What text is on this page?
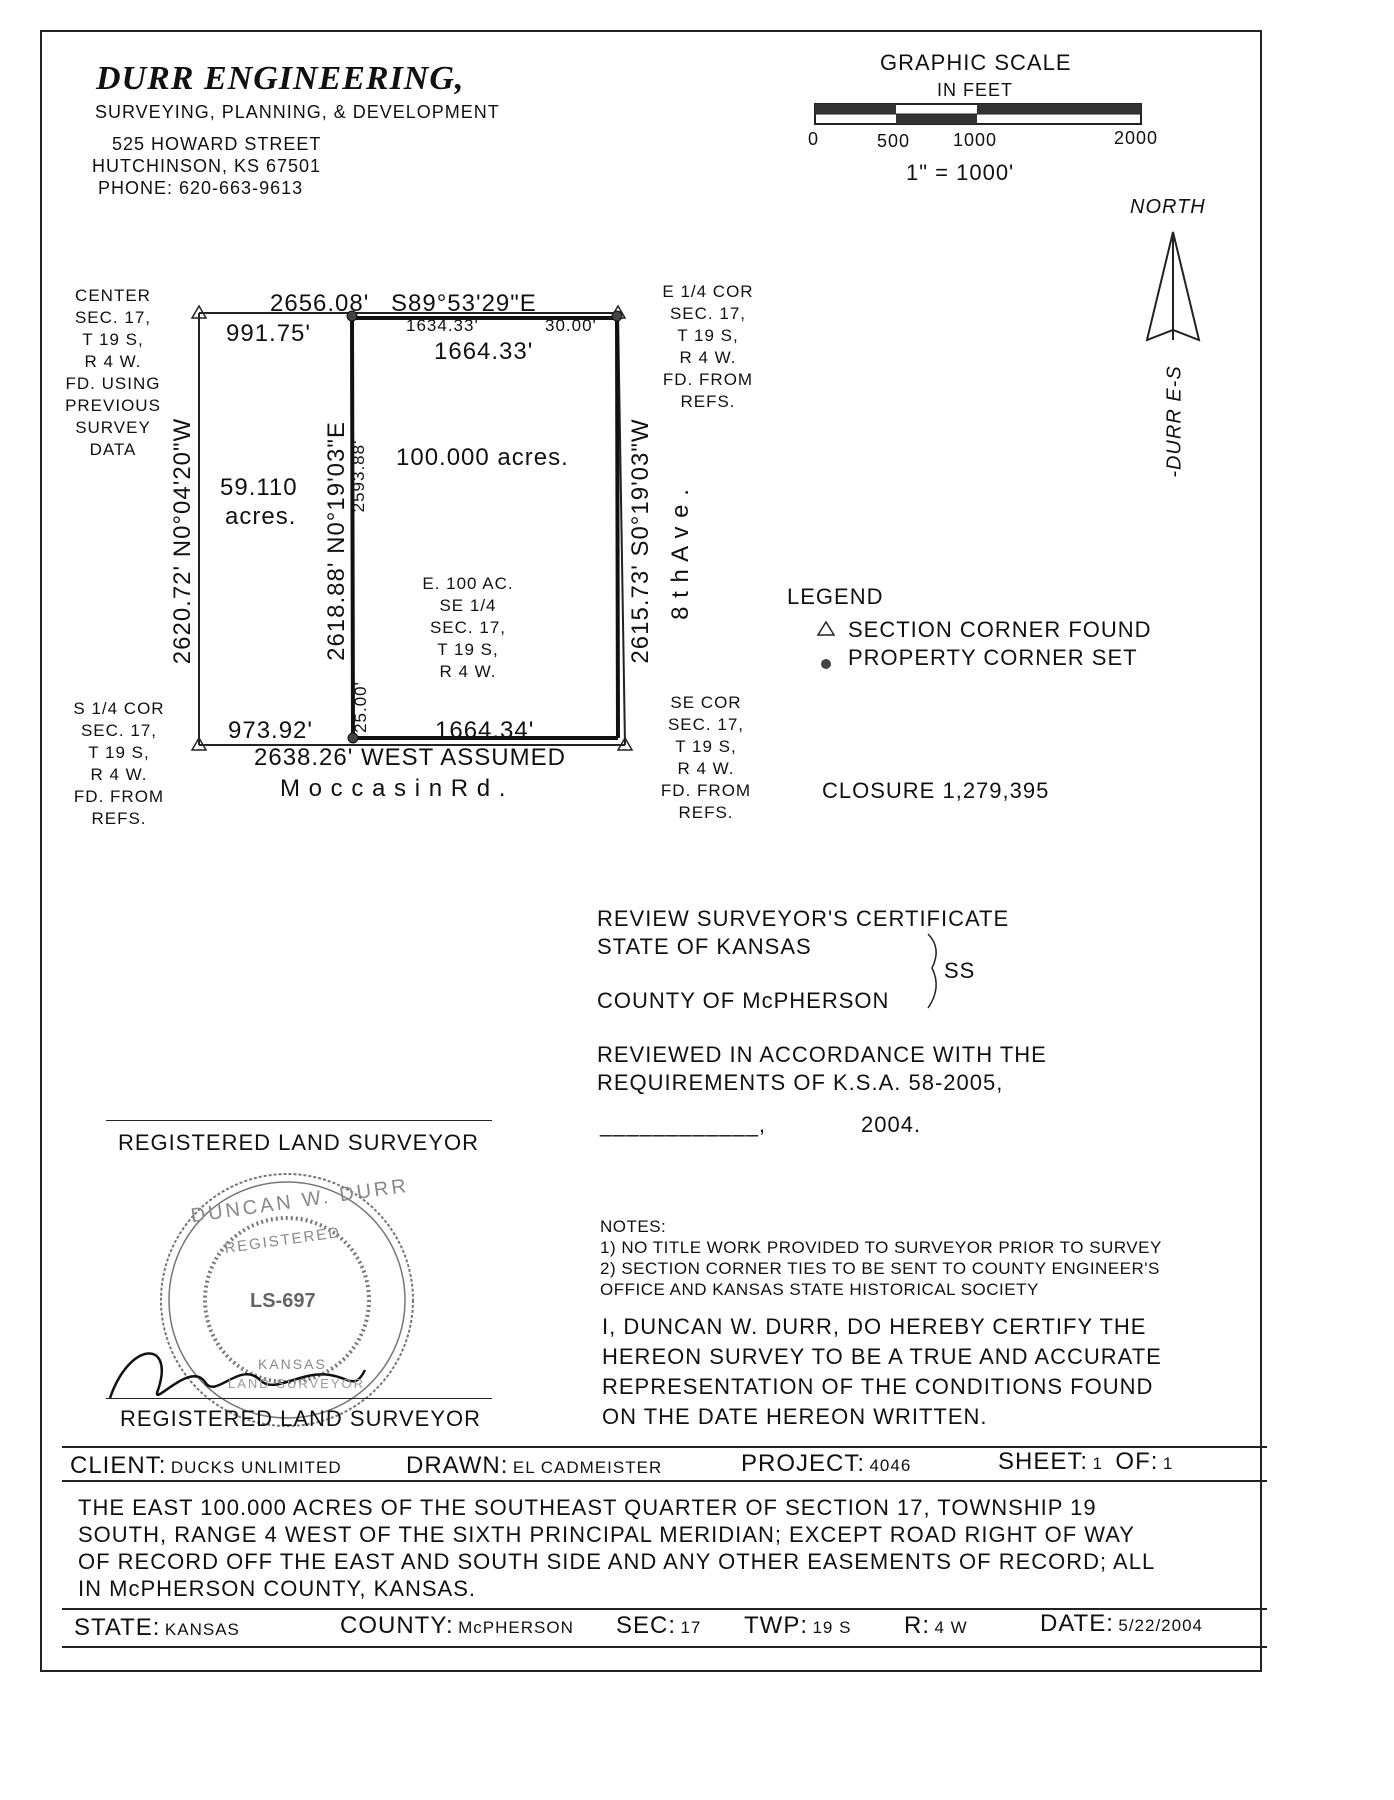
DURR ENGINEERING,
SURVEYING, PLANNING, & DEVELOPMENT
525 HOWARD STREET
HUTCHINSON, KS 67501
PHONE: 620-663-9613
GRAPHIC SCALE
IN FEET
0	500 1000	2000
1" = 1000'
NORTH
-DURR E-S
CENTER
SEC. 17,
T 19 S,
R 4 W.
FD. USING
PREVIOUS
SURVEY
DATA
E 1/4 COR
SEC. 17,
T 19 S,
R 4 W.
FD. FROM
REFS.
S 1/4 COR
SEC. 17,
T 19 S,
R 4 W.
FD. FROM
REFS.
SE COR
SEC. 17,
T 19 S,
R 4 W.
FD. FROM
REFS.
2656.08' S89°53'29"E
991.75'	1634.33'	30.00'
1664.33'
2620.72' N0°04'20"W	2618.88' N0°19'03"E 2593.88'	2615.73' S0°19'03"W
59.110
acres.
100.000 acres.
E. 100 AC.
SE 1/4
SEC. 17,
T 19 S,
R 4 W.
8 t h A v e .
25.00'
973.92'	1664.34'
2638.26' WEST ASSUMED
M o c c a s i n R d .
LEGEND
SECTION CORNER FOUND
PROPERTY CORNER SET
CLOSURE 1,279,395
REVIEW SURVEYOR'S CERTIFICATE
STATE OF KANSAS
SS
COUNTY OF McPHERSON
REVIEWED IN ACCORDANCE WITH THE
REQUIREMENTS OF K.S.A. 58-2005,
____________,	2004.
REGISTERED LAND SURVEYOR
DUNCAN W. DURR
REGISTERED
LS-697
KANSAS
LAND SURVEYOR
REGISTERED LAND SURVEYOR
NOTES:
1) NO TITLE WORK PROVIDED TO SURVEYOR PRIOR TO SURVEY
2) SECTION CORNER TIES TO BE SENT TO COUNTY ENGINEER'S
OFFICE AND KANSAS STATE HISTORICAL SOCIETY
I, DUNCAN W. DURR, DO HEREBY CERTIFY THE
HEREON SURVEY TO BE A TRUE AND ACCURATE
REPRESENTATION OF THE CONDITIONS FOUND
ON THE DATE HEREON WRITTEN.
CLIENT: DUCKS UNLIMITED	DRAWN: EL CADMEISTER	PROJECT: 4046	SHEET: 1 OF: 1
THE EAST 100.000 ACRES OF THE SOUTHEAST QUARTER OF SECTION 17, TOWNSHIP 19
SOUTH, RANGE 4 WEST OF THE SIXTH PRINCIPAL MERIDIAN; EXCEPT ROAD RIGHT OF WAY
OF RECORD OFF THE EAST AND SOUTH SIDE AND ANY OTHER EASEMENTS OF RECORD; ALL
IN McPHERSON COUNTY, KANSAS.
STATE: KANSAS	COUNTY: McPHERSON SEC: 17 TWP: 19 S R: 4 W	DATE: 5/22/2004
